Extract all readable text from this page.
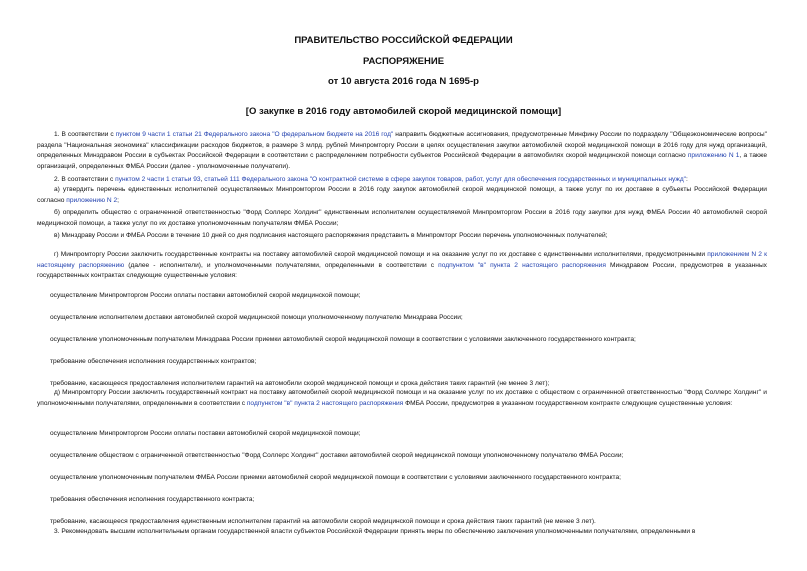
ПРАВИТЕЛЬСТВО РОССИЙСКОЙ ФЕДЕРАЦИИ
РАСПОРЯЖЕНИЕ
от 10 августа 2016 года N 1695-р
[О закупке в 2016 году автомобилей скорой медицинской помощи]
1. В соответствии с пунктом 9 части 1 статьи 21 Федерального закона "О федеральном бюджете на 2016 год" направить бюджетные ассигнования, предусмотренные Минфину России по подразделу "Общеэкономические вопросы" раздела "Национальная экономика" классификации расходов бюджетов, в размере 3 млрд. рублей Минпромторгу России в целях осуществления закупки автомобилей скорой медицинской помощи в 2016 году для нужд организаций, определенных Минздравом России в субъектах Российской Федерации в соответствии с распределением потребности субъектов Российской Федерации в автомобилях скорой медицинской помощи согласно приложению N 1, а также организаций, определенных ФМБА России (далее - уполномоченные получатели).
2. В соответствии с пунктом 2 части 1 статьи 93, статьей 111 Федерального закона "О контрактной системе в сфере закупок товаров, работ, услуг для обеспечения государственных и муниципальных нужд":
а) утвердить перечень единственных исполнителей осуществляемых Минпромторгом России в 2016 году закупок автомобилей скорой медицинской помощи, а также услуг по их доставке в субъекты Российской Федерации согласно приложению N 2;
б) определить общество с ограниченной ответственностью "Форд Соллерс Холдинг" единственным исполнителем осуществляемой Минпромторгом России в 2016 году закупки для нужд ФМБА России 40 автомобилей скорой медицинской помощи, а также услуг по их доставке уполномоченным получателям ФМБА России;
в) Минздраву России и ФМБА России в течение 10 дней со дня подписания настоящего распоряжения представить в Минпромторг России перечень уполномоченных получателей;
г) Минпромторгу России заключить государственные контракты на поставку автомобилей скорой медицинской помощи и на оказание услуг по их доставке с единственными исполнителями, предусмотренными приложением N 2 к настоящему распоряжению (далее - исполнители), и уполномоченными получателями, определенными в соответствии с подпунктом "в" пункта 2 настоящего распоряжения Минздравом России, предусмотрев в указанных государственных контрактах следующие существенные условия:
осуществление Минпромторгом России оплаты поставки автомобилей скорой медицинской помощи;
осуществление исполнителем доставки автомобилей скорой медицинской помощи уполномоченному получателю Минздрава России;
осуществление уполномоченным получателем Минздрава России приемки автомобилей скорой медицинской помощи в соответствии с условиями заключенного государственного контракта;
требование обеспечения исполнения государственных контрактов;
требование, касающееся предоставления исполнителем гарантий на автомобили скорой медицинской помощи и срока действия таких гарантий (не менее 3 лет);
д) Минпромторгу России заключить государственный контракт на поставку автомобилей скорой медицинской помощи и на оказание услуг по их доставке с обществом с ограниченной ответственностью "Форд Соллерс Холдинг" и уполномоченными получателями, определенными в соответствии с подпунктом "в" пункта 2 настоящего распоряжения ФМБА России, предусмотрев в указанном государственном контракте следующие существенные условия:
осуществление Минпромторгом России оплаты поставки автомобилей скорой медицинской помощи;
осуществление обществом с ограниченной ответственностью "Форд Соллерс Холдинг" доставки автомобилей скорой медицинской помощи уполномоченному получателю ФМБА России;
осуществление уполномоченным получателем ФМБА России приемки автомобилей скорой медицинской помощи в соответствии с условиями заключенного государственного контракта;
требования обеспечения исполнения государственного контракта;
требование, касающееся предоставления единственным исполнителем гарантий на автомобили скорой медицинской помощи и срока действия таких гарантий (не менее 3 лет).
3. Рекомендовать высшим исполнительным органам государственной власти субъектов Российской Федерации принять меры по обеспечению заключения уполномоченными получателями, определенными в
